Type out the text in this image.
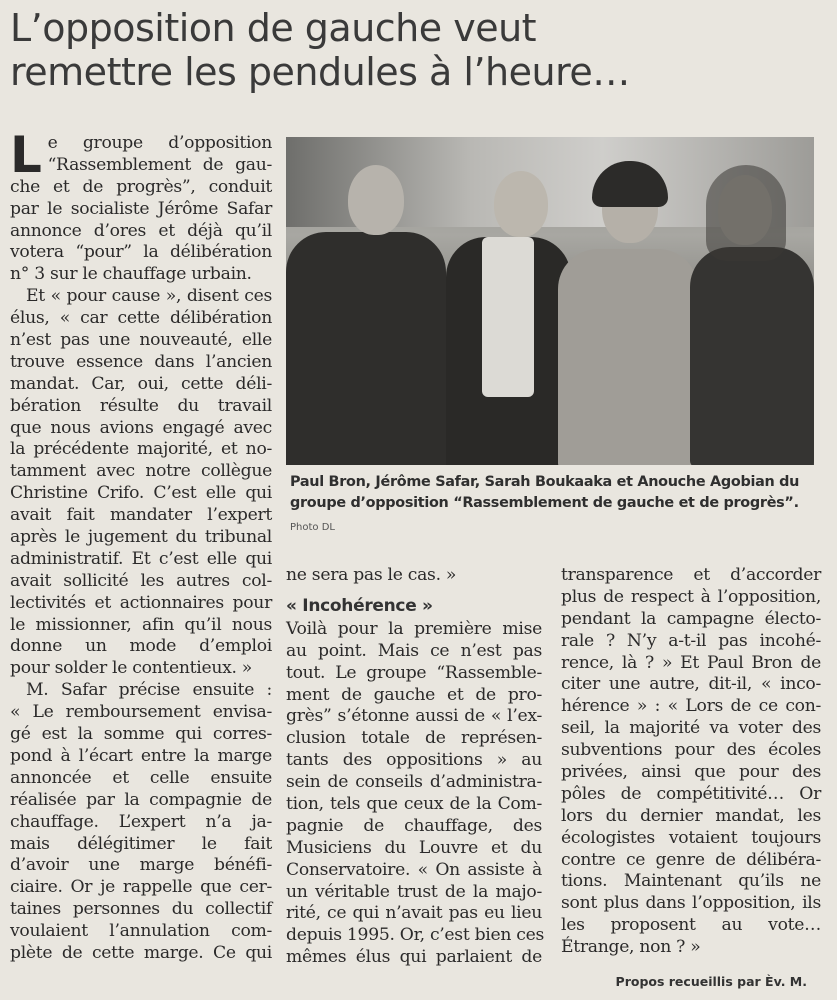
L’opposition de gauche veut
remettre les pendules à l’heure…
L e groupe d’opposition
“Rassemblement de gau-
che et de progrès”, conduit
par le socialiste Jérôme Safar
annonce d’ores et déjà qu’il
votera “pour” la délibération
n° 3 sur le chauffage urbain.
Et « pour cause », disent ces
élus, « car cette délibération
n’est pas une nouveauté, elle
trouve essence dans l’ancien
mandat. Car, oui, cette déli-
bération résulte du travail
que nous avions engagé avec
la précédente majorité, et no-
tamment avec notre collègue
Christine Crifo. C’est elle qui
avait fait mandater l’expert
après le jugement du tribunal
administratif. Et c’est elle qui
avait sollicité les autres col-
lectivités et actionnaires pour
le missionner, afin qu’il nous
donne un mode d’emploi
pour solder le contentieux. »
M. Safar précise ensuite :
« Le remboursement envisa-
gé est la somme qui corres-
pond à l’écart entre la marge
annoncée et celle ensuite
réalisée par la compagnie de
chauffage. L’expert n’a ja-
mais délégitimer le fait
d’avoir une marge bénéfi-
ciaire. Or je rappelle que cer-
taines personnes du collectif
voulaient l’annulation com-
plète de cette marge. Ce qui
Paul Bron, Jérôme Safar, Sarah Boukaaka et Anouche Agobian du
groupe d’opposition “Rassemblement de gauche et de progrès”.
Photo DL
ne sera pas le cas. »
« Incohérence »
Voilà pour la première mise
au point. Mais ce n’est pas
tout. Le groupe “Rassemble-
ment de gauche et de pro-
grès” s’étonne aussi de « l’ex-
clusion totale de représen-
tants des oppositions » au
sein de conseils d’administra-
tion, tels que ceux de la Com-
pagnie de chauffage, des
Musiciens du Louvre et du
Conservatoire. « On assiste à
un véritable trust de la majo-
rité, ce qui n’avait pas eu lieu
depuis 1995. Or, c’est bien ces
mêmes élus qui parlaient de
transparence et d’accorder
plus de respect à l’opposition,
pendant la campagne électo-
rale ? N’y a-t-il pas incohé-
rence, là ? » Et Paul Bron de
citer une autre, dit-il, « inco-
hérence » : « Lors de ce con-
seil, la majorité va voter des
subventions pour des écoles
privées, ainsi que pour des
pôles de compétitivité… Or
lors du dernier mandat, les
écologistes votaient toujours
contre ce genre de délibéra-
tions. Maintenant qu’ils ne
sont plus dans l’opposition, ils
les proposent au vote…
Étrange, non ? »
Propos recueillis par Èv. M.
